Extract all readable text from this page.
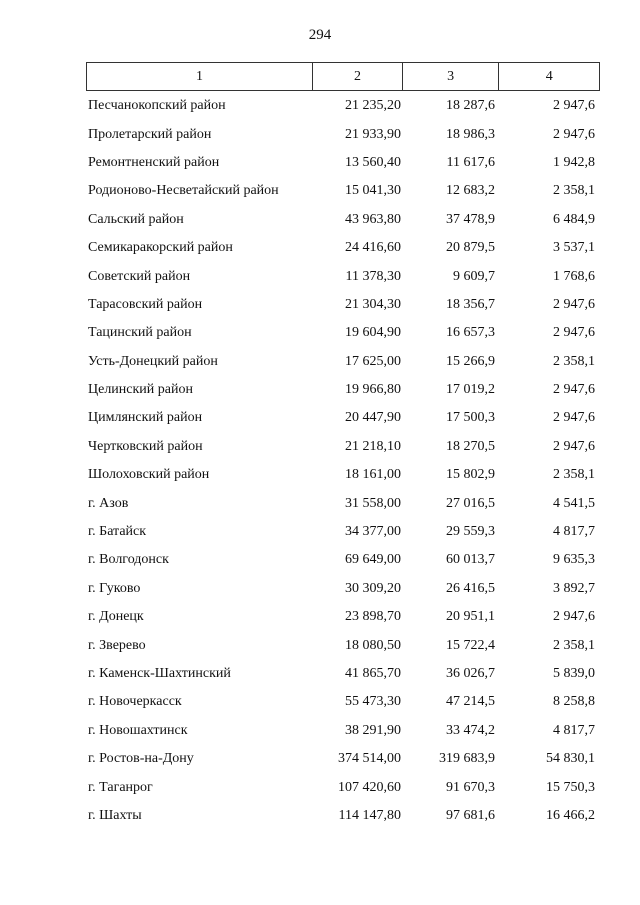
294
1	2	3	4
Песчанокопский район	21 235,20	18 287,6	2 947,6
Пролетарский район	21 933,90	18 986,3	2 947,6
Ремонтненский район	13 560,40	11 617,6	1 942,8
Родионово-Несветайский район	15 041,30	12 683,2	2 358,1
Сальский район	43 963,80	37 478,9	6 484,9
Семикаракорский район	24 416,60	20 879,5	3 537,1
Советский район	11 378,30	9 609,7	1 768,6
Тарасовский район	21 304,30	18 356,7	2 947,6
Тацинский район	19 604,90	16 657,3	2 947,6
Усть-Донецкий район	17 625,00	15 266,9	2 358,1
Целинский район	19 966,80	17 019,2	2 947,6
Цимлянский район	20 447,90	17 500,3	2 947,6
Чертковский район	21 218,10	18 270,5	2 947,6
Шолоховский район	18 161,00	15 802,9	2 358,1
г. Азов	31 558,00	27 016,5	4 541,5
г. Батайск	34 377,00	29 559,3	4 817,7
г. Волгодонск	69 649,00	60 013,7	9 635,3
г. Гуково	30 309,20	26 416,5	3 892,7
г. Донецк	23 898,70	20 951,1	2 947,6
г. Зверево	18 080,50	15 722,4	2 358,1
г. Каменск-Шахтинский	41 865,70	36 026,7	5 839,0
г. Новочеркасск	55 473,30	47 214,5	8 258,8
г. Новошахтинск	38 291,90	33 474,2	4 817,7
г. Ростов-на-Дону	374 514,00	319 683,9	54 830,1
г. Таганрог	107 420,60	91 670,3	15 750,3
г. Шахты	114 147,80	97 681,6	16 466,2
